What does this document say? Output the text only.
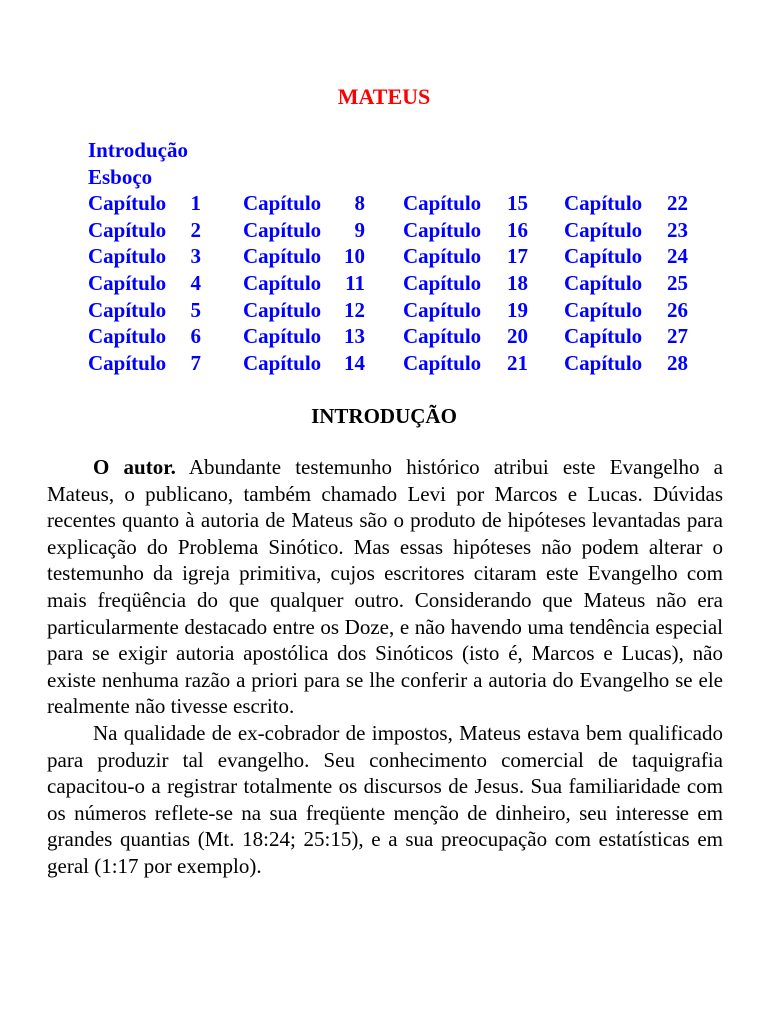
MATEUS
Introdução
Esboço
Capítulo 1 Capítulo 8 Capítulo 15 Capítulo 22
Capítulo 2 Capítulo 9 Capítulo 16 Capítulo 23
Capítulo 3 Capítulo 10 Capítulo 17 Capítulo 24
Capítulo 4 Capítulo 11 Capítulo 18 Capítulo 25
Capítulo 5 Capítulo 12 Capítulo 19 Capítulo 26
Capítulo 6 Capítulo 13 Capítulo 20 Capítulo 27
Capítulo 7 Capítulo 14 Capítulo 21 Capítulo 28
INTRODUÇÃO

O autor. Abundante testemunho histórico atribui este Evangelho a Mateus, o publicano, também chamado Levi por Marcos e Lucas. Dúvidas recentes quanto à autoria de Mateus são o produto de hipóteses levantadas para explicação do Problema Sinótico. Mas essas hipóteses não podem alterar o testemunho da igreja primitiva, cujos escritores citaram este Evangelho com mais freqüência do que qualquer outro. Considerando que Mateus não era particularmente destacado entre os Doze, e não havendo uma tendência especial para se exigir autoria apostólica dos Sinóticos (isto é, Marcos e Lucas), não existe nenhuma razão a priori para se lhe conferir a autoria do Evangelho se ele realmente não tivesse escrito.

Na qualidade de ex-cobrador de impostos, Mateus estava bem qualificado para produzir tal evangelho. Seu conhecimento comercial de taquigrafia capacitou-o a registrar totalmente os discursos de Jesus. Sua familiaridade com os números reflete-se na sua freqüente menção de dinheiro, seu interesse em grandes quantias (Mt. 18:24; 25:15), e a sua preocupação com estatísticas em geral (1:17 por exemplo).
